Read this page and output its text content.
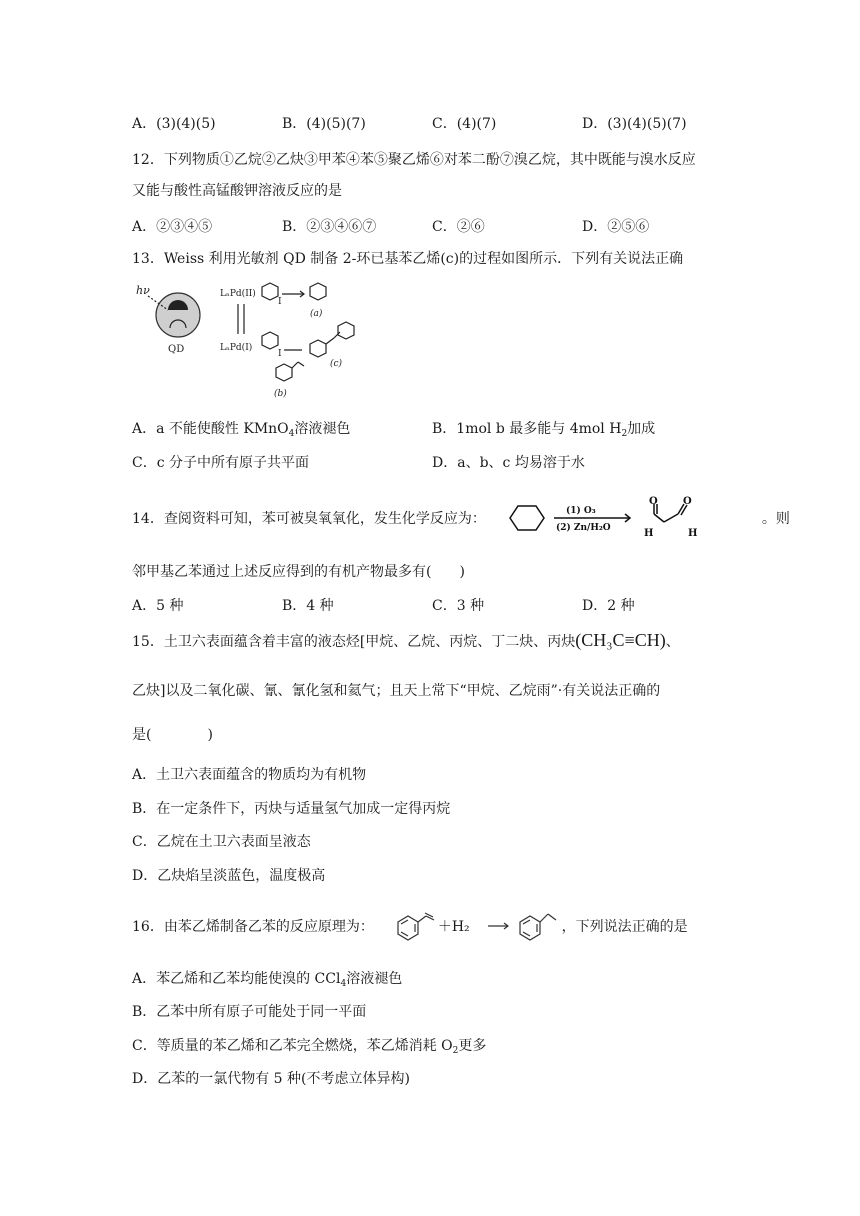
A．(3)(4)(5)	B．(4)(5)(7)	C．(4)(7)	D．(3)(4)(5)(7)
12．下列物质①乙烷②乙炔③甲苯④苯⑤聚乙烯⑥对苯二酚⑦溴乙烷，其中既能与溴水反应
又能与酸性高锰酸钾溶液反应的是
A．②③④⑤	B．②③④⑥⑦	C．②⑥	D．②⑤⑥
13．Weiss 利用光敏剂 QD 制备 2-环已基苯乙烯(c)的过程如图所示．下列有关说法正确
hν
QD
LₙPd(II)
LₙPd(I)
I
I
(a)
(c)
(b)
A．a 不能使酸性 KMnO$_4$溶液褪色	B．1mol b 最多能与 4mol $H_2$加成
C．c 分子中所有原子共平面	D．a、b、c 均易溶于水
14．查阅资料可知，苯可被臭氧氧化，发生化学反应为：	。则
(1) O₃
(2) Zn/H₂O
O	O
H	H
邻甲基乙苯通过上述反应得到的有机产物最多有(　　)
A．5 种	B．4 种	C．3 种	D．2 种
15．土卫六表面蕴含着丰富的液态烃[甲烷、乙烷、丙烷、丁二炔、丙炔(CH₃C≡CH)、
乙炔]以及二氧化碳、氰、氰化氢和氦气；且天上常下“甲烷、乙烷雨”·有关说法正确的
是(　　　　)
A．土卫六表面蕴含的物质均为有机物
B．在一定条件下，丙炔与适量氢气加成一定得丙烷
C．乙烷在土卫六表面呈液态
D．乙炔焰呈淡蓝色，温度极高
16．由苯乙烯制备乙苯的反应原理为：	＋H₂	，下列说法正确的是
A．苯乙烯和乙苯均能使溴的 CCl$_4$溶液褪色
B．乙苯中所有原子可能处于同一平面
C．等质量的苯乙烯和乙苯完全燃烧，苯乙烯消耗 $O_2$更多
D．乙苯的一氯代物有 5 种(不考虑立体异构)
